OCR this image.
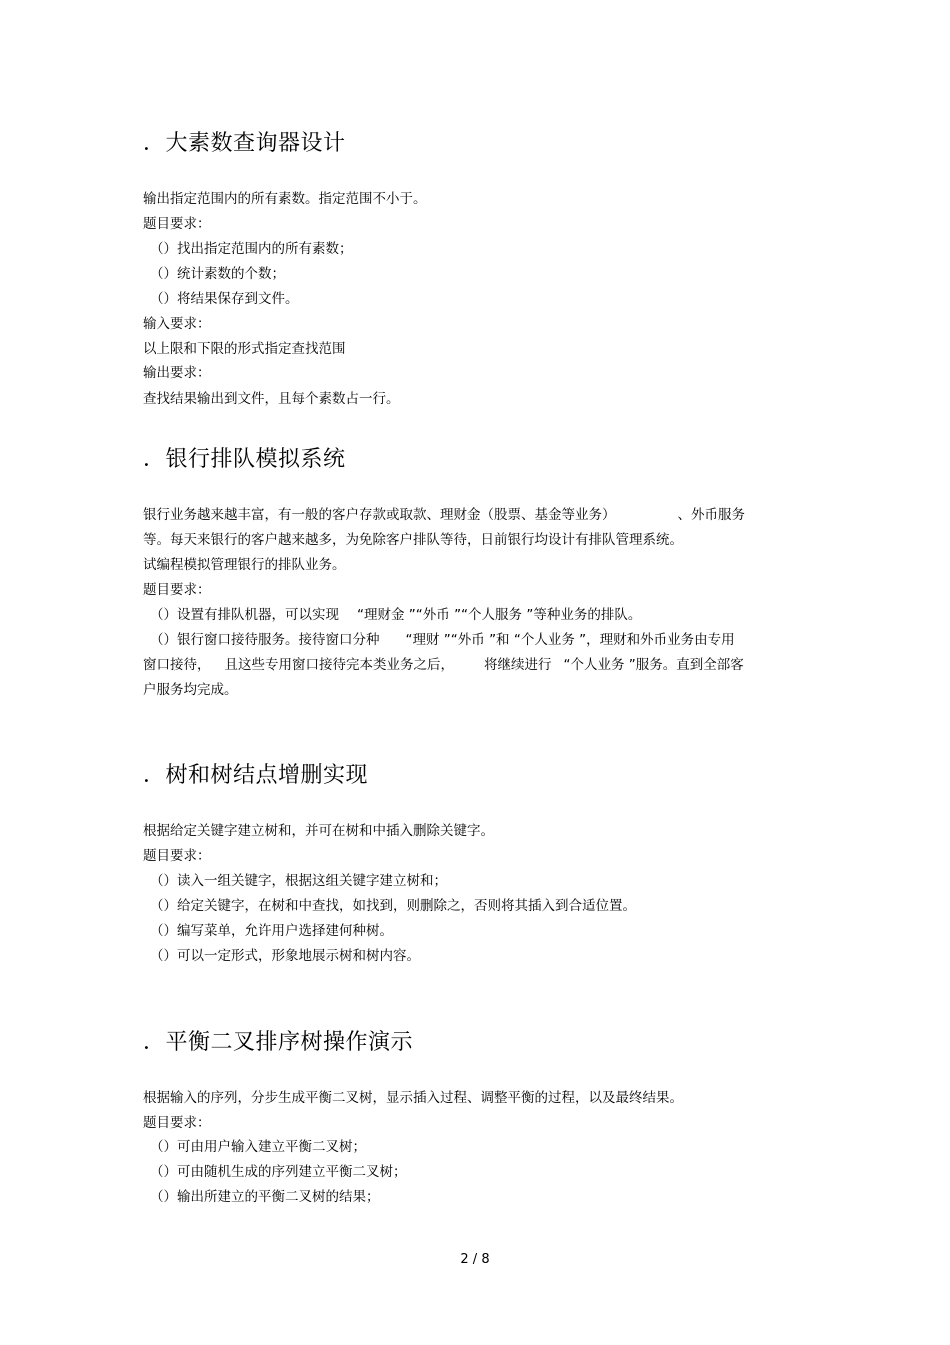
．大素数查询器设计
输出指定范围内的所有素数。指定范围不小于。
题目要求：
（）找出指定范围内的所有素数；
（）统计素数的个数；
（）将结果保存到文件。
输入要求：
以上限和下限的形式指定查找范围
输出要求：
查找结果输出到文件，且每个素数占一行。
．银行排队模拟系统
银行业务越来越丰富，有一般的客户存款或取款、理财金（股票、基金等业务）	、外币服务
等。每天来银行的客户越来越多，为免除客户排队等待，日前银行均设计有排队管理系统。
试编程模拟管理银行的排队业务。
题目要求：
（）设置有排队机器，可以实现 “理财金 ”“外币 ”“个人服务 ”等种业务的排队。
（）银行窗口接待服务。接待窗口分种 “理财 ”“外币 ”和 “个人业务 ”，理财和外币业务由专用
窗口接待， 且这些专用窗口接待完本类业务之后， 将继续进行 “个人业务 ”服务。直到全部客
户服务均完成。
．树和树结点增删实现
根据给定关键字建立树和，并可在树和中插入删除关键字。
题目要求：
（）读入一组关键字，根据这组关键字建立树和；
（）给定关键字，在树和中查找，如找到，则删除之，否则将其插入到合适位置。
（）编写菜单，允许用户选择建何种树。
（）可以一定形式，形象地展示树和树内容。
．平衡二叉排序树操作演示
根据输入的序列，分步生成平衡二叉树，显示插入过程、调整平衡的过程，以及最终结果。
题目要求：
（）可由用户输入建立平衡二叉树；
（）可由随机生成的序列建立平衡二叉树；
（）输出所建立的平衡二叉树的结果；
2 / 8
